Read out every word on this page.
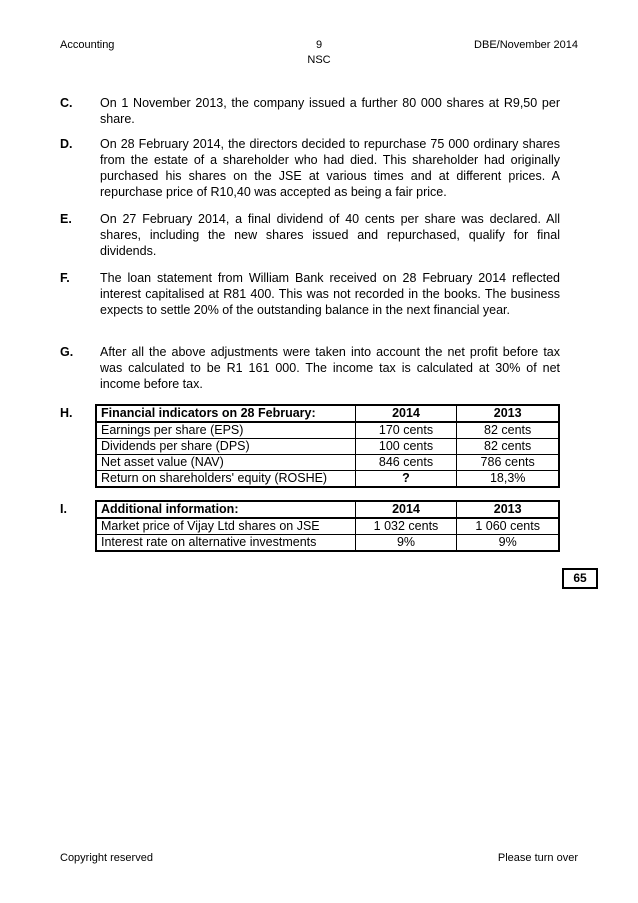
Accounting	9
NSC
DBE/November 2014
C. On 1 November 2013, the company issued a further 80 000 shares at R9,50 per share.
D. On 28 February 2014, the directors decided to repurchase 75 000 ordinary shares from the estate of a shareholder who had died. This shareholder had originally purchased his shares on the JSE at various times and at different prices. A repurchase price of R10,40 was accepted as being a fair price.
E. On 27 February 2014, a final dividend of 40 cents per share was declared. All shares, including the new shares issued and repurchased, qualify for final dividends.
F. The loan statement from William Bank received on 28 February 2014 reflected interest capitalised at R81 400. This was not recorded in the books. The business expects to settle 20% of the outstanding balance in the next financial year.
G. After all the above adjustments were taken into account the net profit before tax was calculated to be R1 161 000. The income tax is calculated at 30% of net income before tax.
H. Financial indicators on 28 February:	2014	2013
Earnings per share (EPS)	170 cents	82 cents
Dividends per share (DPS)	100 cents	82 cents
Net asset value (NAV)	846 cents	786 cents
Return on shareholders' equity (ROSHE)	?	18,3%
I.	Additional information:	2014	2013
Market price of Vijay Ltd shares on JSE	1 032 cents	1 060 cents
Interest rate on alternative investments	9%	9%
65
Copyright reserved	Please turn over
